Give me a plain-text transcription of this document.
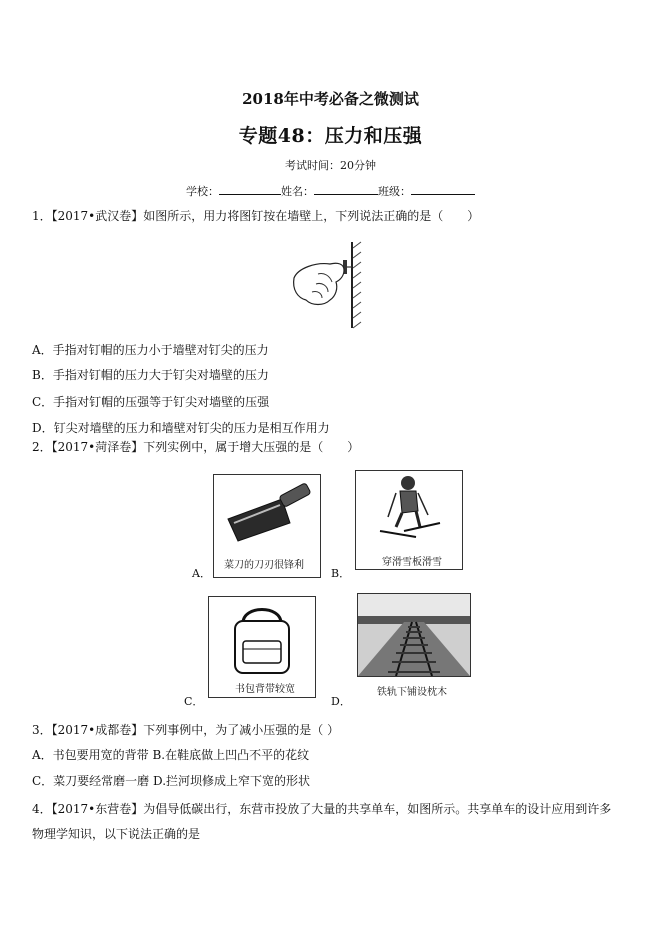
2018年中考必备之微测试
专题48：压力和压强
考试时间：20分钟
学校：	姓名：	班级：
1．【2017•武汉卷】如图所示，用力将图钉按在墙壁上，下列说法正确的是（　　）
A．手指对钉帽的压力小于墙壁对钉尖的压力
B．手指对钉帽的压力大于钉尖对墙壁的压力
C．手指对钉帽的压强等于钉尖对墙壁的压强
D．钉尖对墙壁的压力和墙壁对钉尖的压力是相互作用力
2．【2017•菏泽卷】下列实例中，属于增大压强的是（　　）
菜刀的刀刃很锋利
A．
穿滑雪板滑雪
B．
书包背带较宽
C．
铁轨下铺设枕木
D．
3．【2017•成都卷】下列事例中，为了减小压强的是（ ）
A．书包要用宽的背带 B.在鞋底做上凹凸不平的花纹
C．菜刀要经常磨一磨 D.拦河坝修成上窄下宽的形状
4．【2017•东营卷】为倡导低碳出行，东营市投放了大量的共享单车，如图所示。共享单车的设计应用到许多
物理学知识，以下说法正确的是
